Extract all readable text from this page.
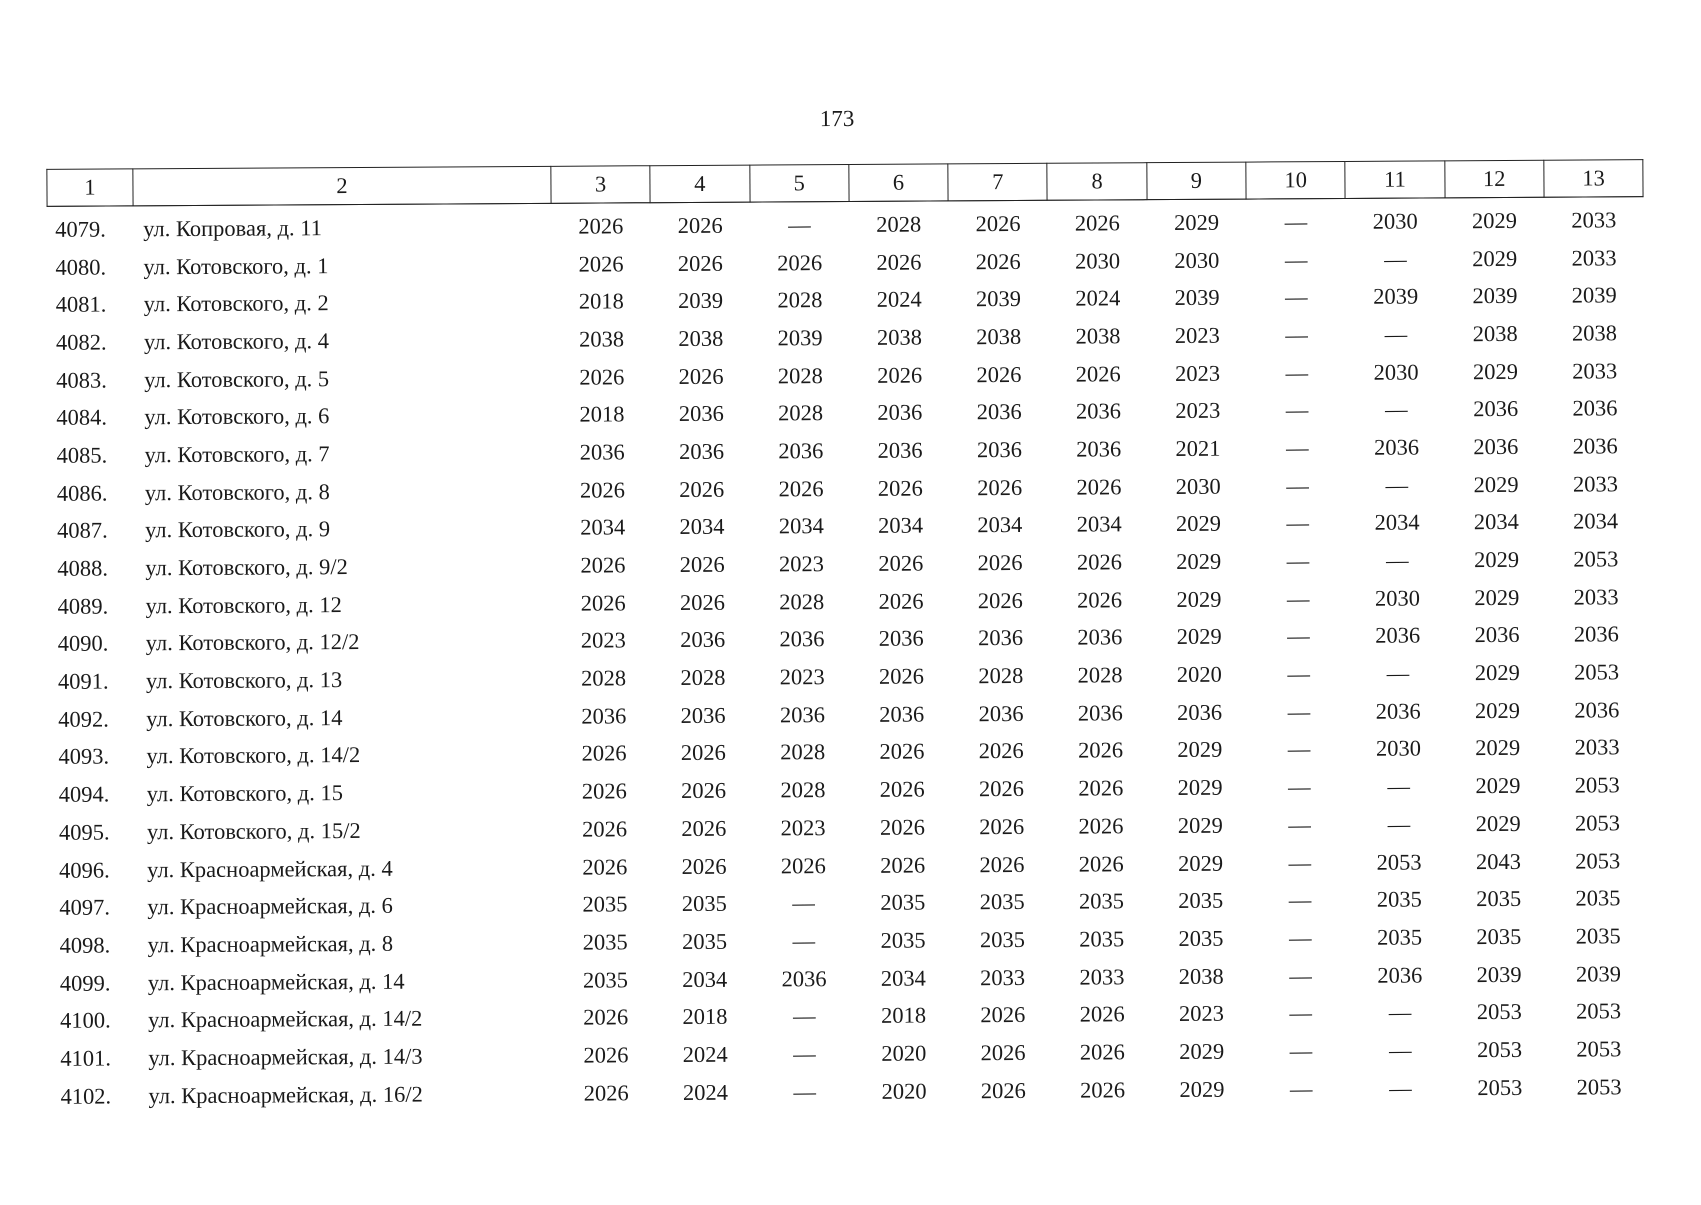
173
1	2	3	4	5	6	7	8	9	10	11	12	13
4079.	ул. Копровая, д. 11	2026	2026	—	2028	2026	2026	2029	—	2030	2029	2033
4080.	ул. Котовского, д. 1	2026	2026	2026	2026	2026	2030	2030	—	—	2029	2033
4081.	ул. Котовского, д. 2	2018	2039	2028	2024	2039	2024	2039	—	2039	2039	2039
4082.	ул. Котовского, д. 4	2038	2038	2039	2038	2038	2038	2023	—	—	2038	2038
4083.	ул. Котовского, д. 5	2026	2026	2028	2026	2026	2026	2023	—	2030	2029	2033
4084.	ул. Котовского, д. 6	2018	2036	2028	2036	2036	2036	2023	—	—	2036	2036
4085.	ул. Котовского, д. 7	2036	2036	2036	2036	2036	2036	2021	—	2036	2036	2036
4086.	ул. Котовского, д. 8	2026	2026	2026	2026	2026	2026	2030	—	—	2029	2033
4087.	ул. Котовского, д. 9	2034	2034	2034	2034	2034	2034	2029	—	2034	2034	2034
4088.	ул. Котовского, д. 9/2	2026	2026	2023	2026	2026	2026	2029	—	—	2029	2053
4089.	ул. Котовского, д. 12	2026	2026	2028	2026	2026	2026	2029	—	2030	2029	2033
4090.	ул. Котовского, д. 12/2	2023	2036	2036	2036	2036	2036	2029	—	2036	2036	2036
4091.	ул. Котовского, д. 13	2028	2028	2023	2026	2028	2028	2020	—	—	2029	2053
4092.	ул. Котовского, д. 14	2036	2036	2036	2036	2036	2036	2036	—	2036	2029	2036
4093.	ул. Котовского, д. 14/2	2026	2026	2028	2026	2026	2026	2029	—	2030	2029	2033
4094.	ул. Котовского, д. 15	2026	2026	2028	2026	2026	2026	2029	—	—	2029	2053
4095.	ул. Котовского, д. 15/2	2026	2026	2023	2026	2026	2026	2029	—	—	2029	2053
4096.	ул. Красноармейская, д. 4	2026	2026	2026	2026	2026	2026	2029	—	2053	2043	2053
4097.	ул. Красноармейская, д. 6	2035	2035	—	2035	2035	2035	2035	—	2035	2035	2035
4098.	ул. Красноармейская, д. 8	2035	2035	—	2035	2035	2035	2035	—	2035	2035	2035
4099.	ул. Красноармейская, д. 14	2035	2034	2036	2034	2033	2033	2038	—	2036	2039	2039
4100.	ул. Красноармейская, д. 14/2	2026	2018	—	2018	2026	2026	2023	—	—	2053	2053
4101.	ул. Красноармейская, д. 14/3	2026	2024	—	2020	2026	2026	2029	—	—	2053	2053
4102.	ул. Красноармейская, д. 16/2	2026	2024	—	2020	2026	2026	2029	—	—	2053	2053
